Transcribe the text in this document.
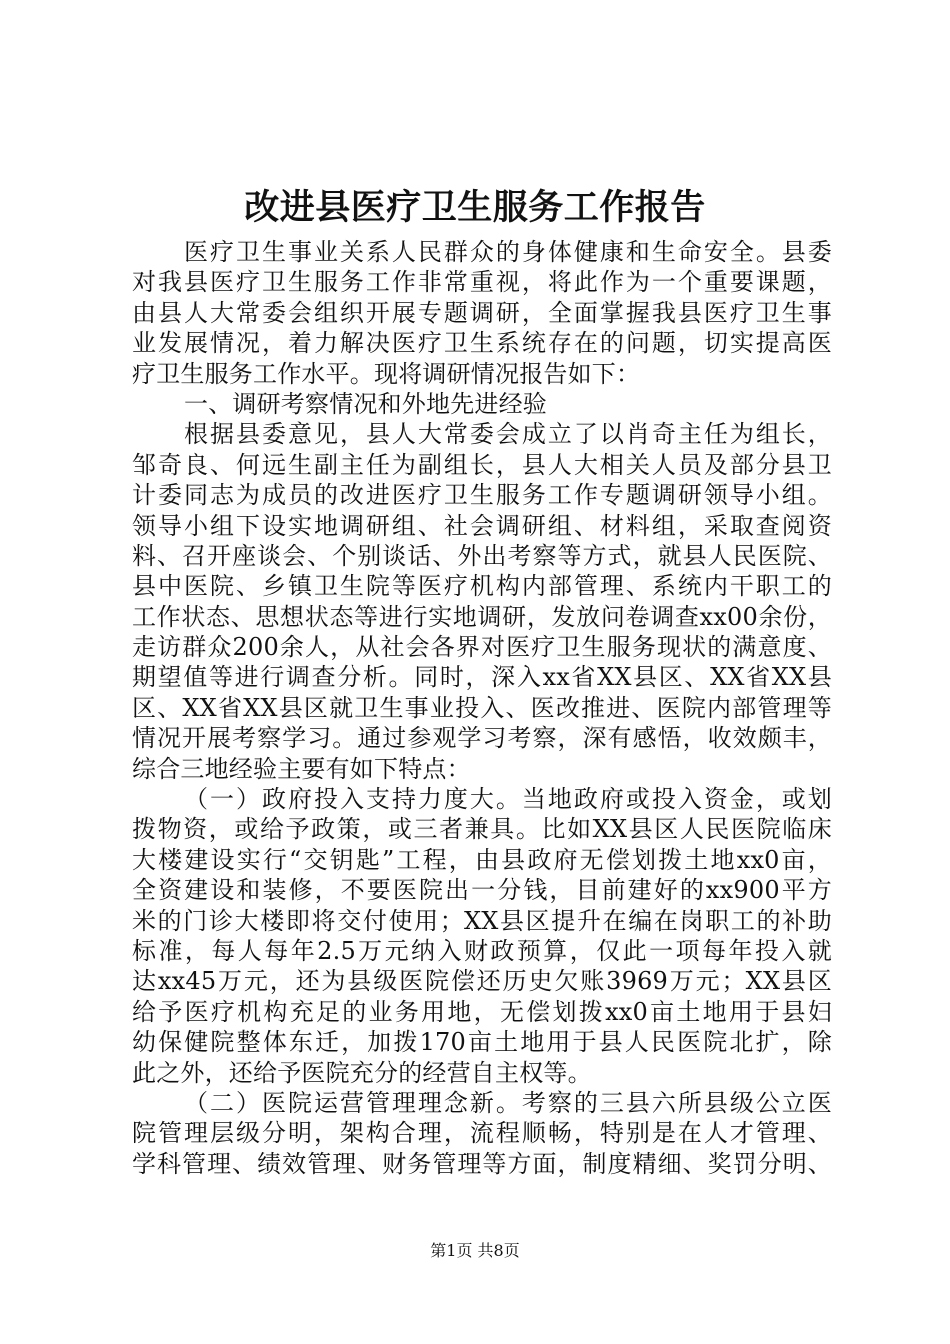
改进县医疗卫生服务工作报告
医疗卫生事业关系人民群众的身体健康和生命安全。县委
对我县医疗卫生服务工作非常重视，将此作为一个重要课题，
由县人大常委会组织开展专题调研，全面掌握我县医疗卫生事
业发展情况，着力解决医疗卫生系统存在的问题，切实提高医
疗卫生服务工作水平。现将调研情况报告如下：
一、调研考察情况和外地先进经验
根据县委意见，县人大常委会成立了以肖奇主任为组长，
邹奇良、何远生副主任为副组长，县人大相关人员及部分县卫
计委同志为成员的改进医疗卫生服务工作专题调研领导小组。
领导小组下设实地调研组、社会调研组、材料组，采取查阅资
料、召开座谈会、个别谈话、外出考察等方式，就县人民医院、
县中医院、乡镇卫生院等医疗机构内部管理、系统内干职工的
工作状态、思想状态等进行实地调研，发放问卷调查xx00余份，
走访群众200余人，从社会各界对医疗卫生服务现状的满意度、
期望值等进行调查分析。同时，深入xx省XX县区、XX省XX县
区、XX省XX县区就卫生事业投入、医改推进、医院内部管理等
情况开展考察学习。通过参观学习考察，深有感悟，收效颇丰，
综合三地经验主要有如下特点：
（一）政府投入支持力度大。当地政府或投入资金，或划
拨物资，或给予政策，或三者兼具。比如XX县区人民医院临床
大楼建设实行“交钥匙”工程，由县政府无偿划拨土地xx0亩，
全资建设和装修，不要医院出一分钱，目前建好的xx900平方
米的门诊大楼即将交付使用；XX县区提升在编在岗职工的补助
标准，每人每年2.5万元纳入财政预算，仅此一项每年投入就
达xx45万元，还为县级医院偿还历史欠账3969万元；XX县区
给予医疗机构充足的业务用地，无偿划拨xx0亩土地用于县妇
幼保健院整体东迁，加拨170亩土地用于县人民医院北扩，除
此之外，还给予医院充分的经营自主权等。
（二）医院运营管理理念新。考察的三县六所县级公立医
院管理层级分明，架构合理，流程顺畅，特别是在人才管理、
学科管理、绩效管理、财务管理等方面，制度精细、奖罚分明、
第1页 共8页
